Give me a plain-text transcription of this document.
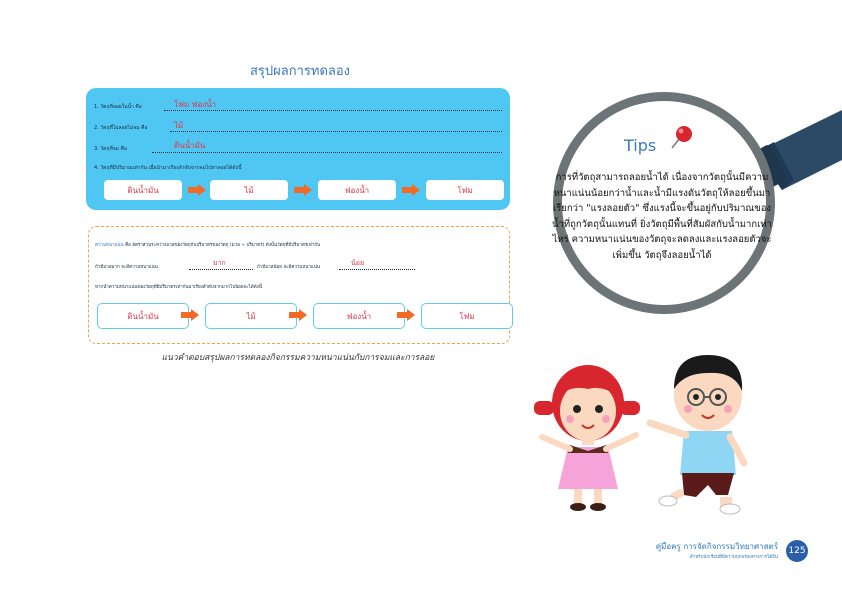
สรุปผลการทดลอง
1. วัตถุที่ลอยในน้ำ คือ	โฟม ฟองน้ำ
2. วัตถุที่ไม่ลอยไม่จม คือ	ไม้
3. วัตถุที่จม คือ	ดินน้ำมัน
4. วัตถุที่มีปริมาณเท่ากัน เมื่อนำมาเรียงลำดับจากจมไปหาลอยได้ดังนี้
ดินน้ำมัน	ไม้	ฟองน้ำ	โฟม
ความหนาแน่น คือ อัตราส่วนระหว่างมวลของวัตถุกับปริมาตรของวัตถุ (มวล ÷ ปริมาตร) ดังนั้นวัตถุที่มีปริมาตรเท่ากัน
ถ้ามีมวลมาก จะมีความหนาแน่น
มาก
ถ้ามีมวลน้อย จะมีความหนาแน่น
น้อย
หากนำความหนาแน่นของวัตถุที่มีปริมาตรเท่ากันมาเรียงลำดับจากมากไปน้อยจะได้ดังนี้
ดินน้ำมัน	ไม้	ฟองน้ำ	โฟม
แนวคำตอบสรุปผลการทดลองกิจกรรมความหนาแน่นกับการจมและการลอย
Tips
การที่วัตถุสามารถลอยน้ำได้ เนื่องจากวัตถุนั้นมีความหนาแน่นน้อยกว่าน้ำและน้ำมีแรงดันวัตถุให้ลอยขึ้นมา เรียกว่า "แรงลอยตัว" ซึ่งแรงนี้จะขึ้นอยู่กับปริมาณของน้ำที่ถูกวัตถุนั้นแทนที่ ยิ่งวัตถุมีพื้นที่สัมผัสกับน้ำมากเท่าไหร่ ความหนาแน่นของวัตถุจะลดลงและแรงลอยตัวจะเพิ่มขึ้น วัตถุจึงลอยน้ำได้
คู่มือครู การจัดกิจกรรมวิทยาศาสตร์
สำหรับนักเรียนที่มีความบกพร่องทางการได้ยิน
125
